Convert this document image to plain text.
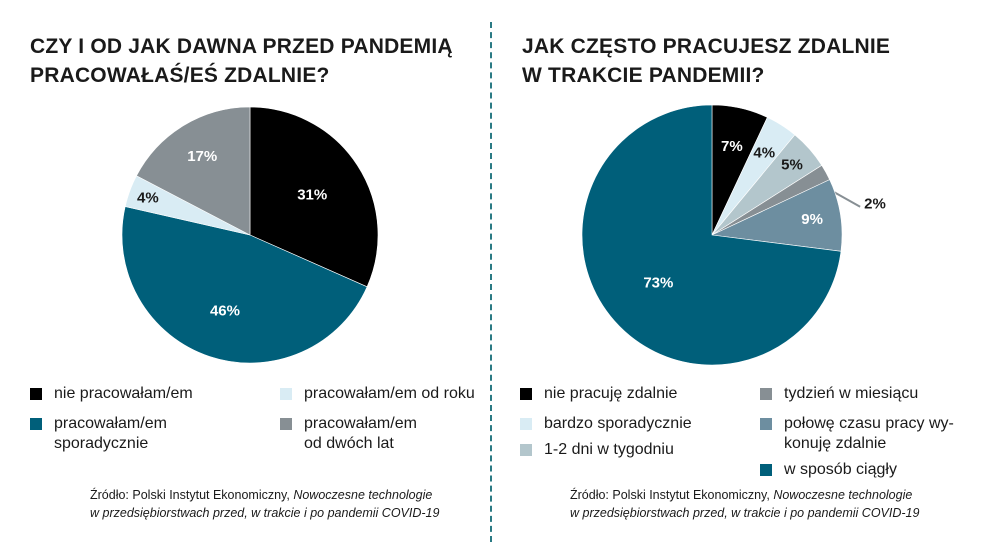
CZY I OD JAK DAWNA PRZED PANDEMIĄ
PRACOWAŁAŚ/EŚ ZDALNIE?
31%
46%
4%
17%
nie pracowałam/em	pracowałam/em od roku
pracowałam/em
sporadycznie
pracowałam/em
od dwóch lat
Źródło: Polski Instytut Ekonomiczny, Nowoczesne technologie
w przedsiębiorstwach przed, w trakcie i po pandemii COVID-19
JAK CZĘSTO PRACUJESZ ZDALNIE
W TRAKCIE PANDEMII?
7% 4%
5%
2%
9%
73%
nie pracuję zdalnie	tydzień w miesiącu
bardzo sporadycznie	połowę czasu pracy wy-
konuję zdalnie
1-2 dni w tygodniu
w sposób ciągły
Źródło: Polski Instytut Ekonomiczny, Nowoczesne technologie
w przedsiębiorstwach przed, w trakcie i po pandemii COVID-19
